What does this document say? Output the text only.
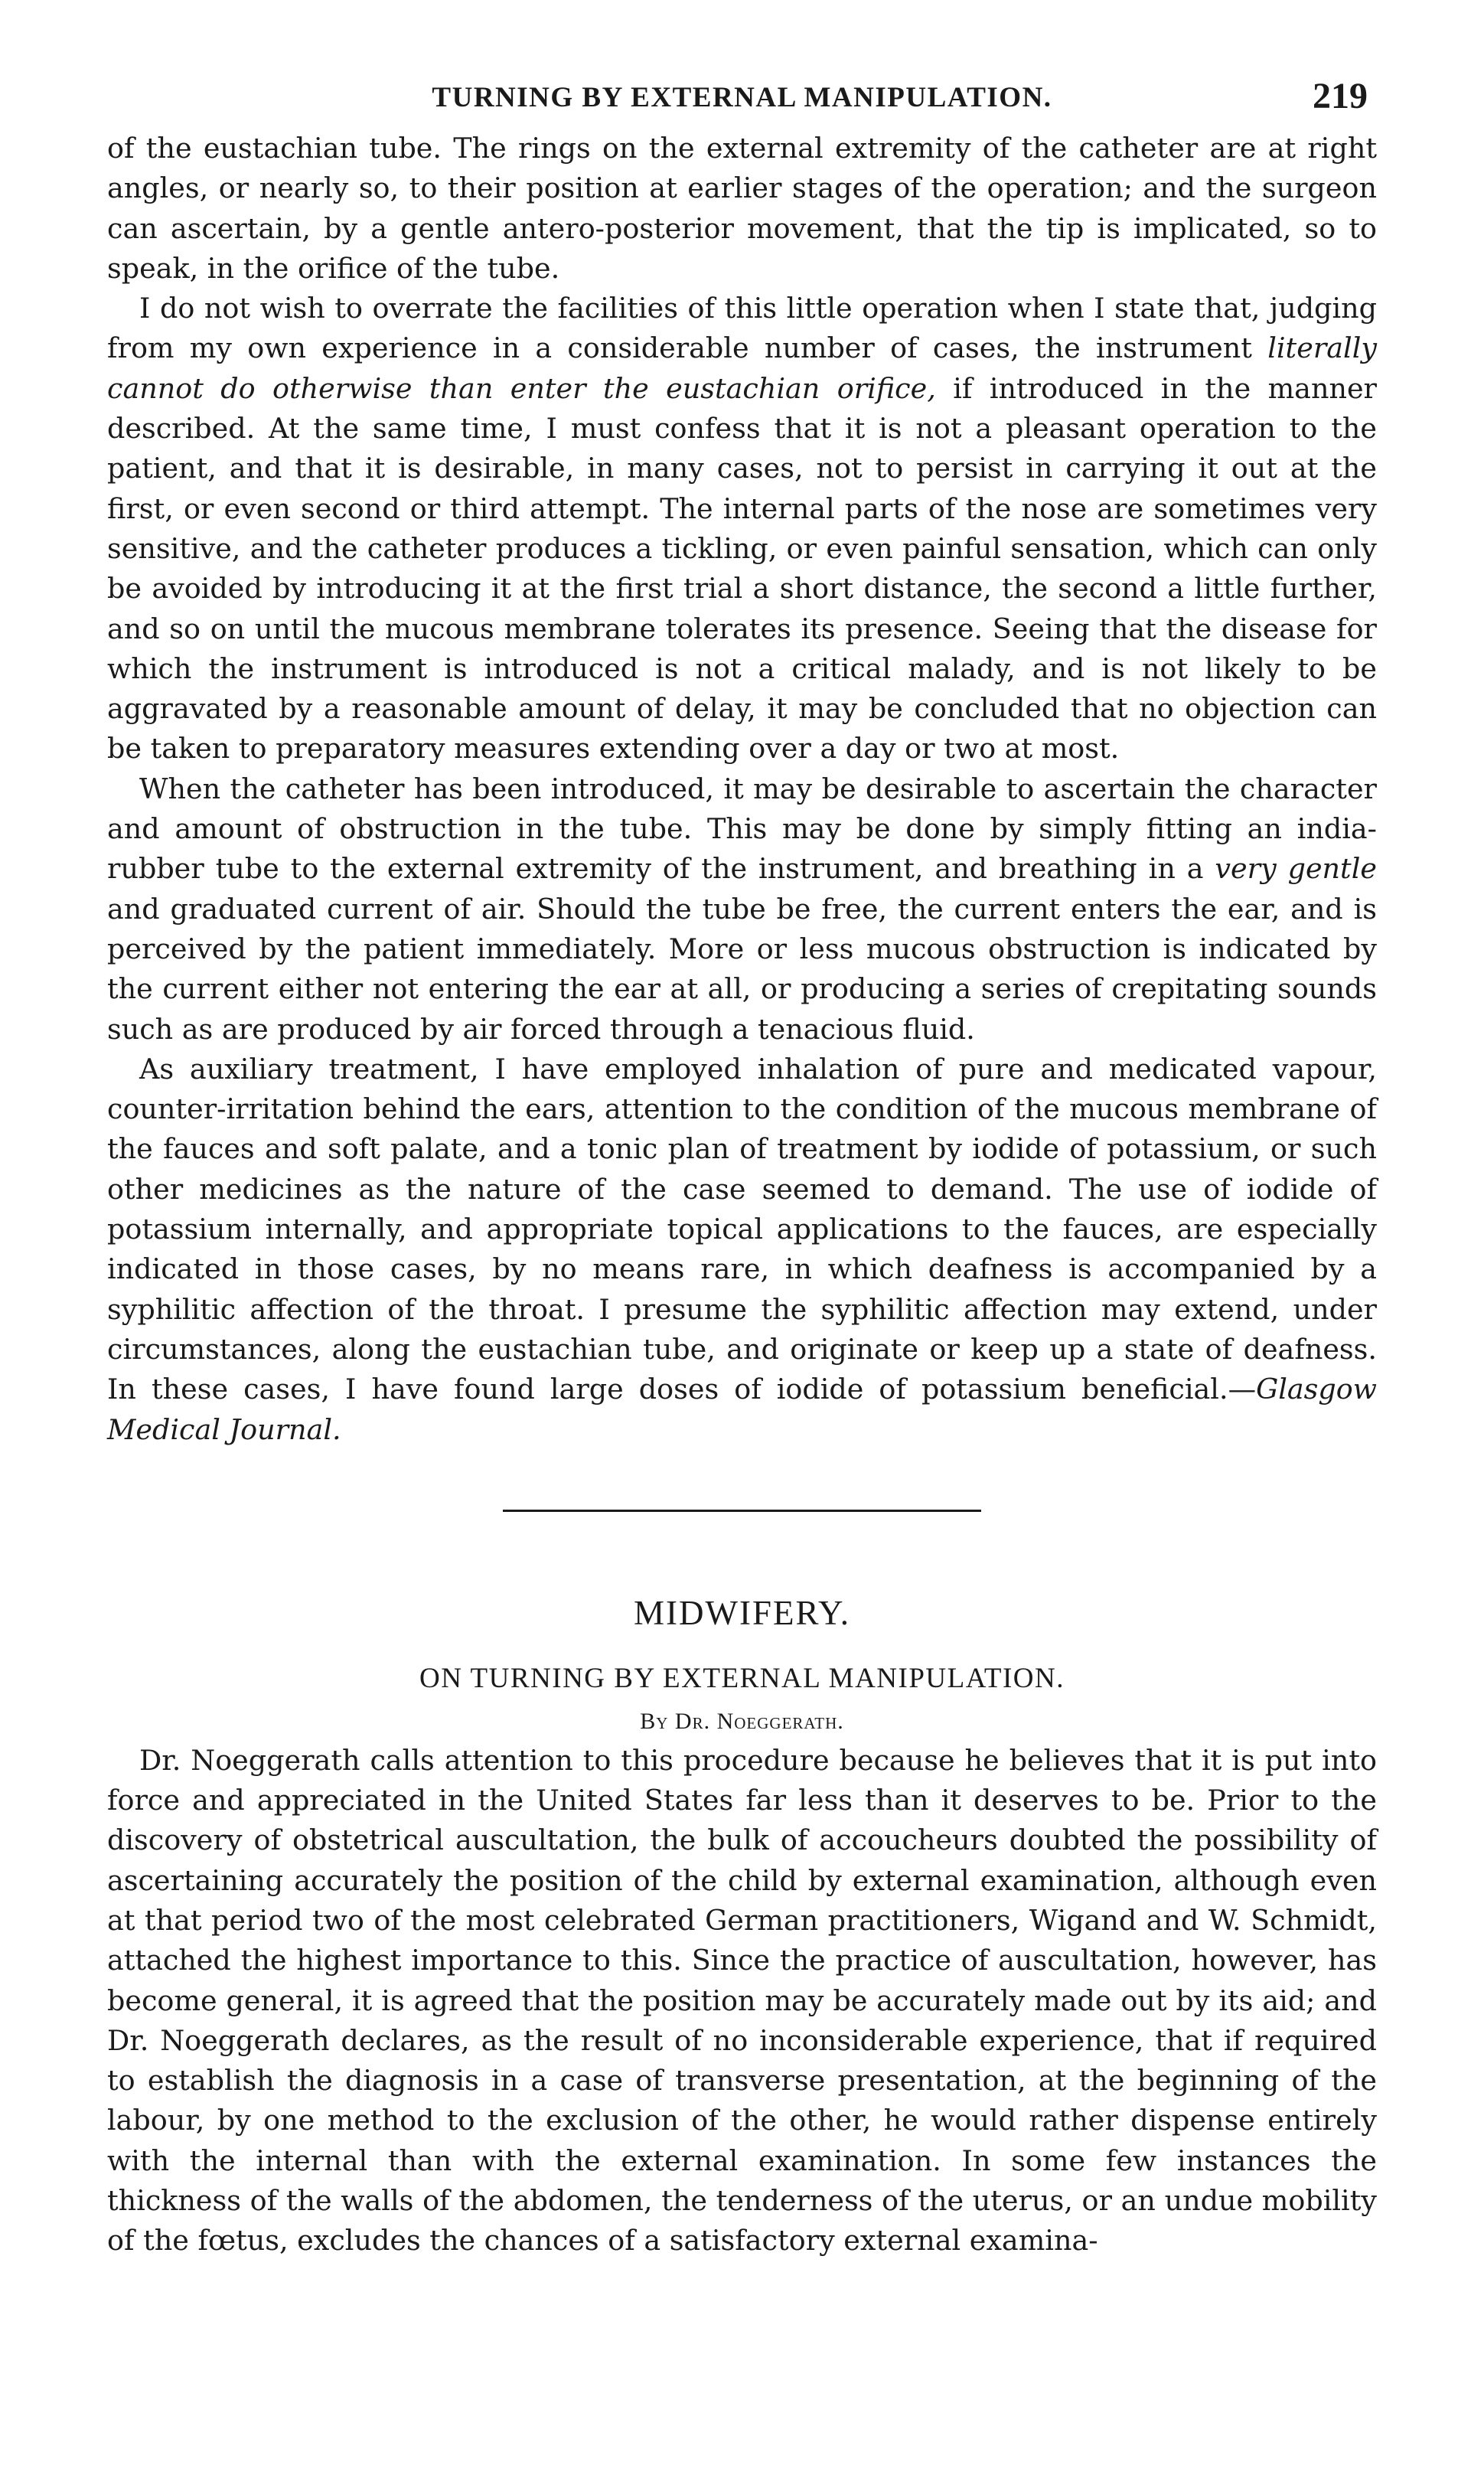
TURNING BY EXTERNAL MANIPULATION.	219

of the eustachian tube. The rings on the external extremity of the catheter are at right angles, or nearly so, to their position at earlier stages of the operation; and the surgeon can ascertain, by a gentle antero-posterior movement, that the tip is implicated, so to speak, in the orifice of the tube.

I do not wish to overrate the facilities of this little operation when I state that, judging from my own experience in a considerable number of cases, the instrument literally cannot do otherwise than enter the eustachian orifice, if introduced in the manner described. At the same time, I must confess that it is not a pleasant operation to the patient, and that it is desirable, in many cases, not to persist in carrying it out at the first, or even second or third attempt. The internal parts of the nose are sometimes very sensitive, and the catheter produces a tickling, or even painful sensation, which can only be avoided by introducing it at the first trial a short distance, the second a little further, and so on until the mucous membrane tolerates its presence. Seeing that the disease for which the instrument is introduced is not a critical malady, and is not likely to be aggravated by a reasonable amount of delay, it may be concluded that no objection can be taken to preparatory measures extending over a day or two at most.

When the catheter has been introduced, it may be desirable to ascertain the character and amount of obstruction in the tube. This may be done by simply fitting an india-rubber tube to the external extremity of the instrument, and breathing in a very gentle and graduated current of air. Should the tube be free, the current enters the ear, and is perceived by the patient immediately. More or less mucous obstruction is indicated by the current either not entering the ear at all, or producing a series of crepitating sounds such as are produced by air forced through a tenacious fluid.

As auxiliary treatment, I have employed inhalation of pure and medicated vapour, counter-irritation behind the ears, attention to the condition of the mucous membrane of the fauces and soft palate, and a tonic plan of treatment by iodide of potassium, or such other medicines as the nature of the case seemed to demand. The use of iodide of potassium internally, and appropriate topical applications to the fauces, are especially indicated in those cases, by no means rare, in which deafness is accompanied by a syphilitic affection of the throat. I presume the syphilitic affection may extend, under circumstances, along the eustachian tube, and originate or keep up a state of deafness. In these cases, I have found large doses of iodide of potassium beneficial.—Glasgow Medical Journal.

MIDWIFERY.
ON TURNING BY EXTERNAL MANIPULATION.
By Dr. Noeggerath.

Dr. Noeggerath calls attention to this procedure because he believes that it is put into force and appreciated in the United States far less than it deserves to be. Prior to the discovery of obstetrical auscultation, the bulk of accoucheurs doubted the possibility of ascertaining accurately the position of the child by external examination, although even at that period two of the most celebrated German practitioners, Wigand and W. Schmidt, attached the highest importance to this. Since the practice of auscultation, however, has become general, it is agreed that the position may be accurately made out by its aid; and Dr. Noeggerath declares, as the result of no inconsiderable experience, that if required to establish the diagnosis in a case of transverse presentation, at the beginning of the labour, by one method to the exclusion of the other, he would rather dispense entirely with the internal than with the external examination. In some few instances the thickness of the walls of the abdomen, the tenderness of the uterus, or an undue mobility of the fœtus, excludes the chances of a satisfactory external examina-
